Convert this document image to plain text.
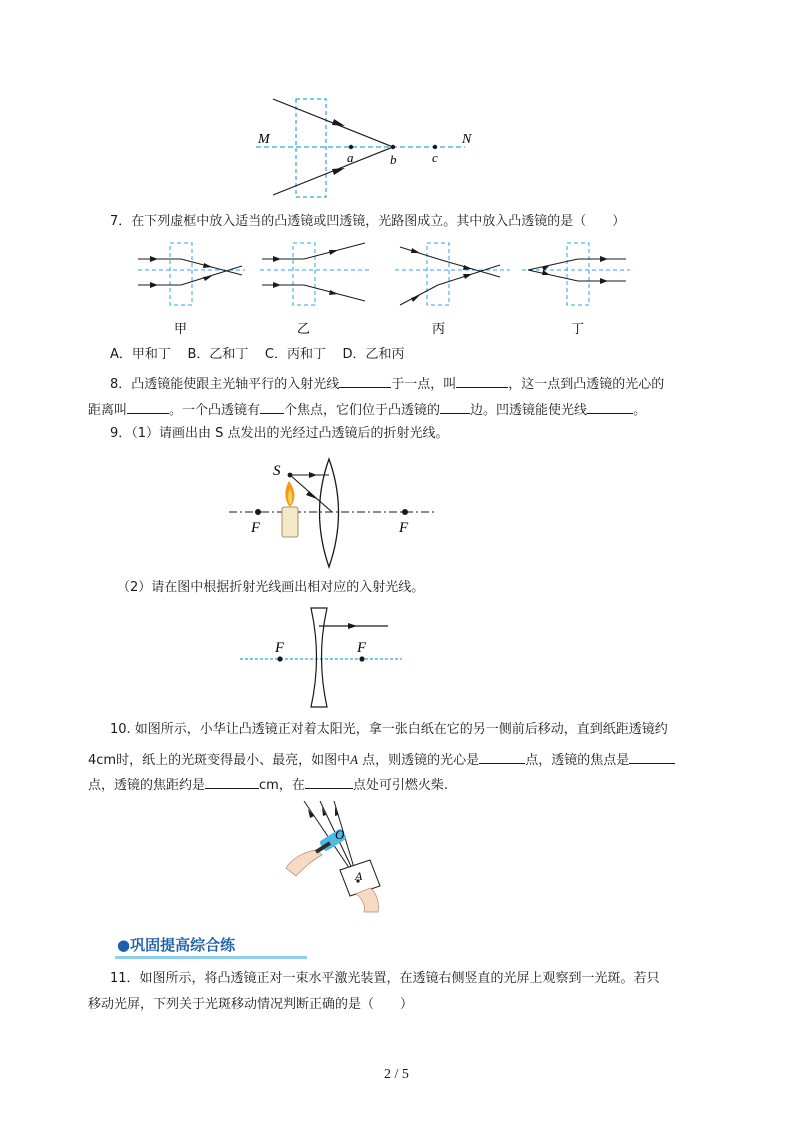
M	N
a	b	c
7．在下列虚框中放入适当的凸透镜或凹透镜，光路图成立。其中放入凸透镜的是（　　）
甲	乙	丙	丁
A．甲和丁 B．乙和丁 C．丙和丁 D．乙和丙
8．凸透镜能使跟主光轴平行的入射光线	于一点，叫	，这一点到凸透镜的光心的
距离叫	。一个凸透镜有 个焦点，它们位于凸透镜的 边。凹透镜能使光线	。
9．（1）请画出由 S 点发出的光经过凸透镜后的折射光线。
S
F	F
（2）请在图中根据折射光线画出相对应的入射光线。
F	F
10. 如图所示，小华让凸透镜正对着太阳光，拿一张白纸在它的另一侧前后移动，直到纸距透镜约
4cm时，纸上的光斑变得最小、最亮，如图中A 点，则透镜的光心是	点，透镜的焦点是
点，透镜的焦距约是	cm，在	点处可引燃火柴.
O
A
●巩固提高综合练
11．如图所示，将凸透镜正对一束水平激光装置，在透镜右侧竖直的光屏上观察到一光斑。若只
移动光屏，下列关于光斑移动情况判断正确的是（　　）
2 / 5
